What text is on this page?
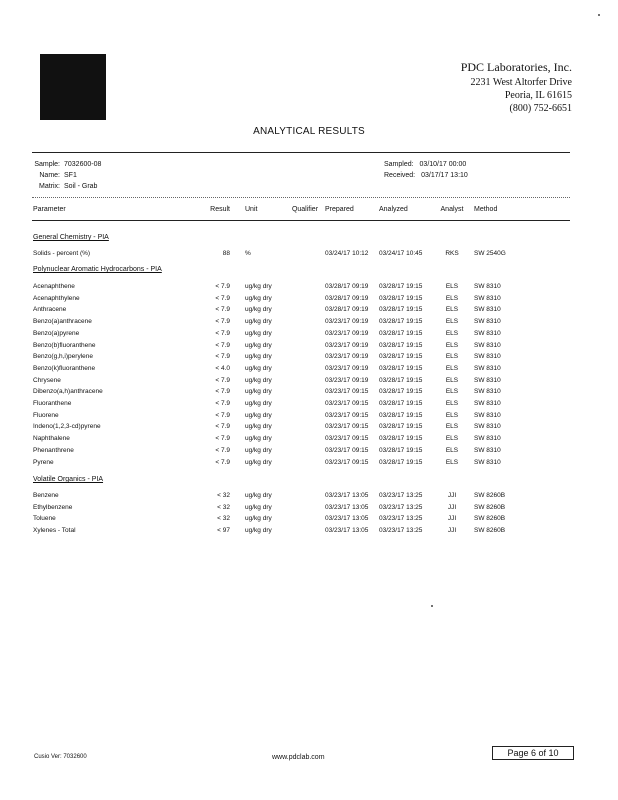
PDC Laboratories, Inc.
2231 West Altorfer Drive
Peoria, IL 61615
(800) 752-6651
ANALYTICAL RESULTS
Sample: 7032600-08
Name: SF1
Matrix: Soil - Grab
Sampled: 03/10/17 00:00
Received: 03/17/17 13:10
Parameter	Result Unit	Qualifier Prepared	Analyzed	Analyst	Method
General Chemistry - PIA
Solids - percent (%)	88 %	03/24/17 10:12 03/24/17 10:45	RKS	SW 2540G
Polynuclear Aromatic Hydrocarbons - PIA
Acenaphthene	< 7.9 ug/kg dry	03/28/17 09:19 03/28/17 19:15	ELS	SW 8310
Acenaphthylene	< 7.9 ug/kg dry	03/28/17 09:19 03/28/17 19:15	ELS	SW 8310
Anthracene	< 7.9 ug/kg dry	03/28/17 09:19 03/28/17 19:15	ELS	SW 8310
Benzo(a)anthracene	< 7.9 ug/kg dry	03/23/17 09:19 03/28/17 19:15	ELS	SW 8310
Benzo(a)pyrene	< 7.9 ug/kg dry	03/23/17 09:19 03/28/17 19:15	ELS	SW 8310
Benzo(b)fluoranthene	< 7.9 ug/kg dry	03/23/17 09:19 03/28/17 19:15	ELS	SW 8310
Benzo(g,h,i)perylene	< 7.9 ug/kg dry	03/23/17 09:19 03/28/17 19:15	ELS	SW 8310
Benzo(k)fluoranthene	< 4.0 ug/kg dry	03/23/17 09:19 03/28/17 19:15	ELS	SW 8310
Chrysene	< 7.9 ug/kg dry	03/23/17 09:19 03/28/17 19:15	ELS	SW 8310
Dibenzo(a,h)anthracene	< 7.9 ug/kg dry	03/23/17 09:15 03/28/17 19:15	ELS	SW 8310
Fluoranthene	< 7.9 ug/kg dry	03/23/17 09:15 03/28/17 19:15	ELS	SW 8310
Fluorene	< 7.9 ug/kg dry	03/23/17 09:15 03/28/17 19:15	ELS	SW 8310
Indeno(1,2,3-cd)pyrene	< 7.9 ug/kg dry	03/23/17 09:15 03/28/17 19:15	ELS	SW 8310
Naphthalene	< 7.9 ug/kg dry	03/23/17 09:15 03/28/17 19:15	ELS	SW 8310
Phenanthrene	< 7.9 ug/kg dry	03/23/17 09:15 03/28/17 19:15	ELS	SW 8310
Pyrene	< 7.9 ug/kg dry	03/23/17 09:15 03/28/17 19:15	ELS	SW 8310
Volatile Organics - PIA
Benzene	< 32 ug/kg dry	03/23/17 13:05 03/23/17 13:25	JJI	SW 8260B
Ethylbenzene	< 32 ug/kg dry	03/23/17 13:05 03/23/17 13:25	JJI	SW 8260B
Toluene	< 32 ug/kg dry	03/23/17 13:05 03/23/17 13:25	JJI	SW 8260B
Xylenes - Total	< 97 ug/kg dry	03/23/17 13:05 03/23/17 13:25	JJI	SW 8260B
Cusio Ver: 7032600	www.pdclab.com	Page 6 of 10
